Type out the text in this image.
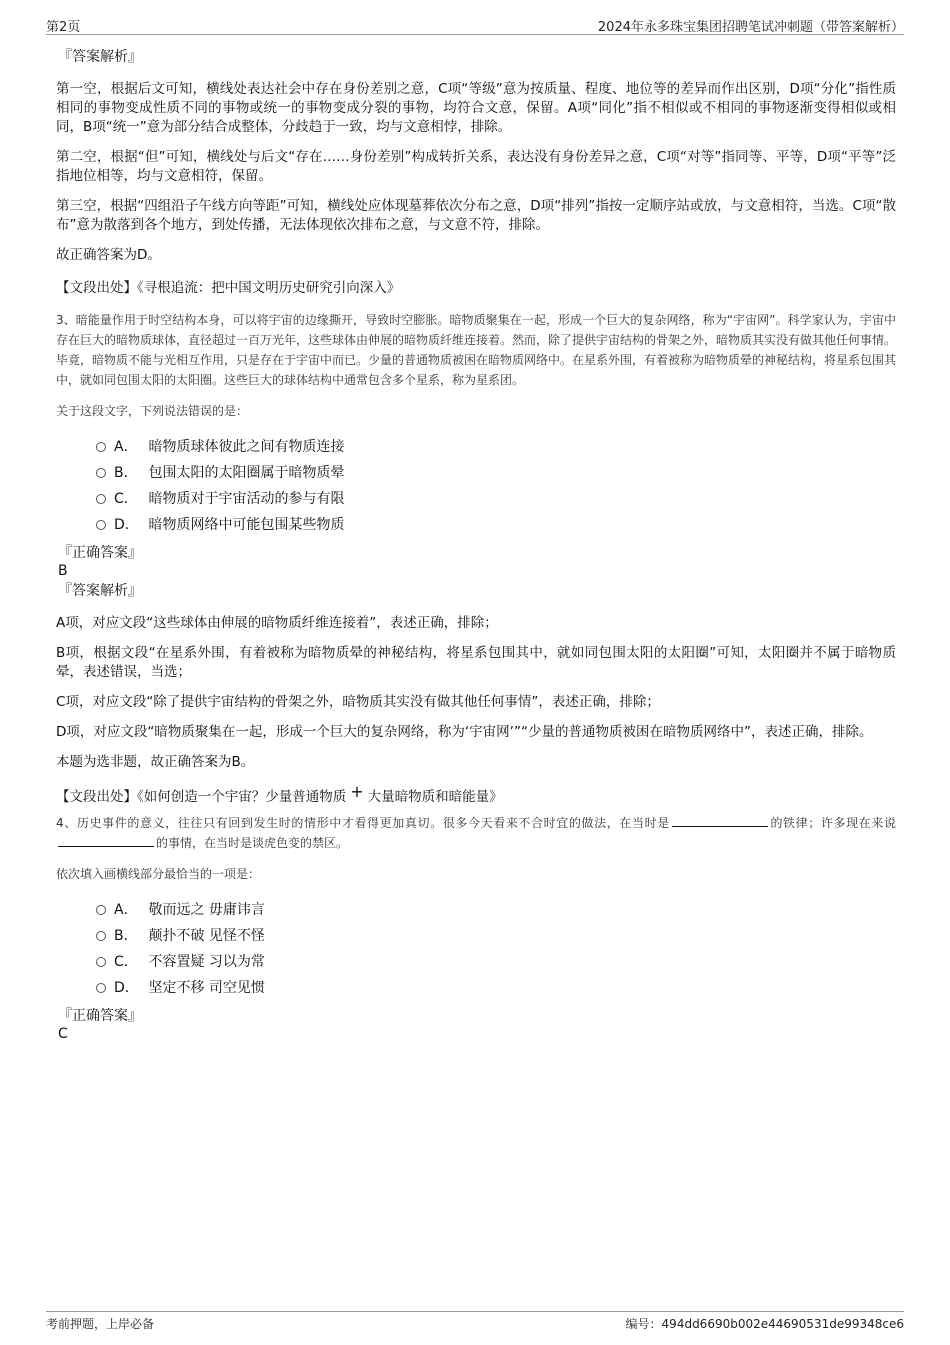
第2页	2024年永多珠宝集团招聘笔试冲刺题（带答案解析）
『答案解析』

第一空，根据后文可知，横线处表达社会中存在身份差别之意，C项“等级”意为按质量、程度、地位等的差异而作出区别，D项“分化”指性质相同的事物变成性质不同的事物或统一的事物变成分裂的事物，均符合文意，保留。A项“同化”指不相似或不相同的事物逐渐变得相似或相同，B项“统一”意为部分结合成整体，分歧趋于一致，均与文意相悖，排除。

第二空，根据“但”可知，横线处与后文“存在……身份差别”构成转折关系，表达没有身份差异之意，C项“对等”指同等、平等，D项“平等”泛指地位相等，均与文意相符，保留。

第三空，根据“四组沿子午线方向等距”可知，横线处应体现墓葬依次分布之意，D项“排列”指按一定顺序站或放，与文意相符，当选。C项“散布”意为散落到各个地方，到处传播，无法体现依次排布之意，与文意不符，排除。

故正确答案为D。

【文段出处】《寻根追流：把中国文明历史研究引向深入》

3、暗能量作用于时空结构本身，可以将宇宙的边缘撕开，导致时空膨胀。暗物质聚集在一起，形成一个巨大的复杂网络，称为“宇宙网”。科学家认为，宇宙中存在巨大的暗物质球体，直径超过一百万光年，这些球体由伸展的暗物质纤维连接着。然而，除了提供宇宙结构的骨架之外，暗物质其实没有做其他任何事情。毕竟，暗物质不能与光相互作用，只是存在于宇宙中而已。少量的普通物质被困在暗物质网络中。在星系外围，有着被称为暗物质晕的神秘结构，将星系包围其中，就如同包围太阳的太阳圈。这些巨大的球体结构中通常包含多个星系，称为星系团。

关于这段文字，下列说法错误的是：
A． 暗物质球体彼此之间有物质连接
B． 包围太阳的太阳圈属于暗物质晕
C． 暗物质对于宇宙活动的参与有限
D． 暗物质网络中可能包围某些物质
『正确答案』
B
『答案解析』

A项，对应文段“这些球体由伸展的暗物质纤维连接着”，表述正确，排除；

B项，根据文段“在星系外围，有着被称为暗物质晕的神秘结构，将星系包围其中，就如同包围太阳的太阳圈”可知，太阳圈并不属于暗物质晕，表述错误，当选；

C项，对应文段“除了提供宇宙结构的骨架之外，暗物质其实没有做其他任何事情”，表述正确，排除；

D项，对应文段“暗物质聚集在一起，形成一个巨大的复杂网络，称为‘宇宙网’”“少量的普通物质被困在暗物质网络中”，表述正确，排除。

本题为选非题，故正确答案为B。

【文段出处】《如何创造一个宇宙？少量普通物质 + 大量暗物质和暗能量》

4、历史事件的意义，往往只有回到发生时的情形中才看得更加真切。很多今天看来不合时宜的做法，在当时是	的铁律；许多现在来说的事情，在当时是谈虎色变的禁区。

依次填入画横线部分最恰当的一项是：
A． 敬而远之 毋庸讳言
B． 颠扑不破 见怪不怪
C． 不容置疑 习以为常
D． 坚定不移 司空见惯
『正确答案』
C
考前押题，上岸必备	编号：494dd6690b002e44690531de99348ce6
